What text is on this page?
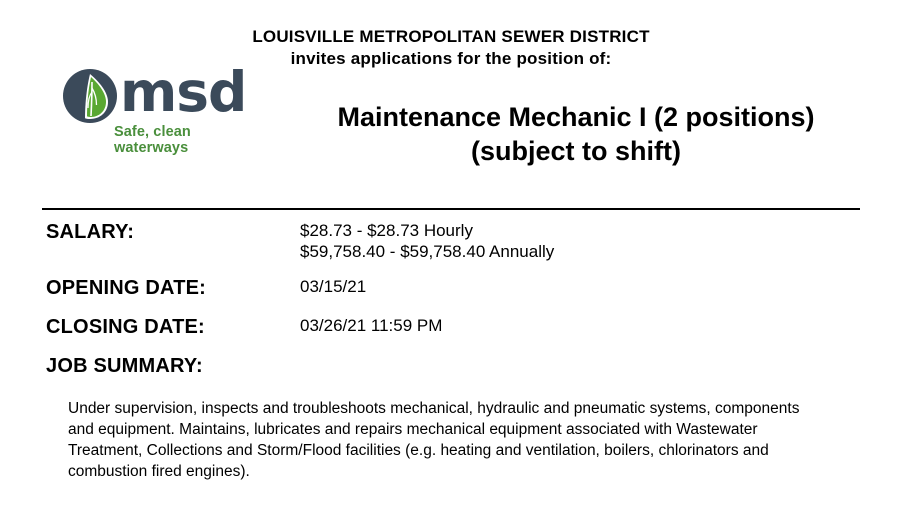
LOUISVILLE METROPOLITAN SEWER DISTRICT
invites applications for the position of:
msd
Safe, clean waterways
Maintenance Mechanic I (2 positions)
(subject to shift)
SALARY:	$28.73 - $28.73 Hourly
$59,758.40 - $59,758.40 Annually
OPENING DATE:	03/15/21
CLOSING DATE:	03/26/21 11:59 PM
JOB SUMMARY:

Under supervision, inspects and troubleshoots mechanical, hydraulic and pneumatic systems, components and equipment. Maintains, lubricates and repairs mechanical equipment associated with Wastewater Treatment, Collections and Storm/Flood facilities (e.g. heating and ventilation, boilers, chlorinators and combustion fired engines).
